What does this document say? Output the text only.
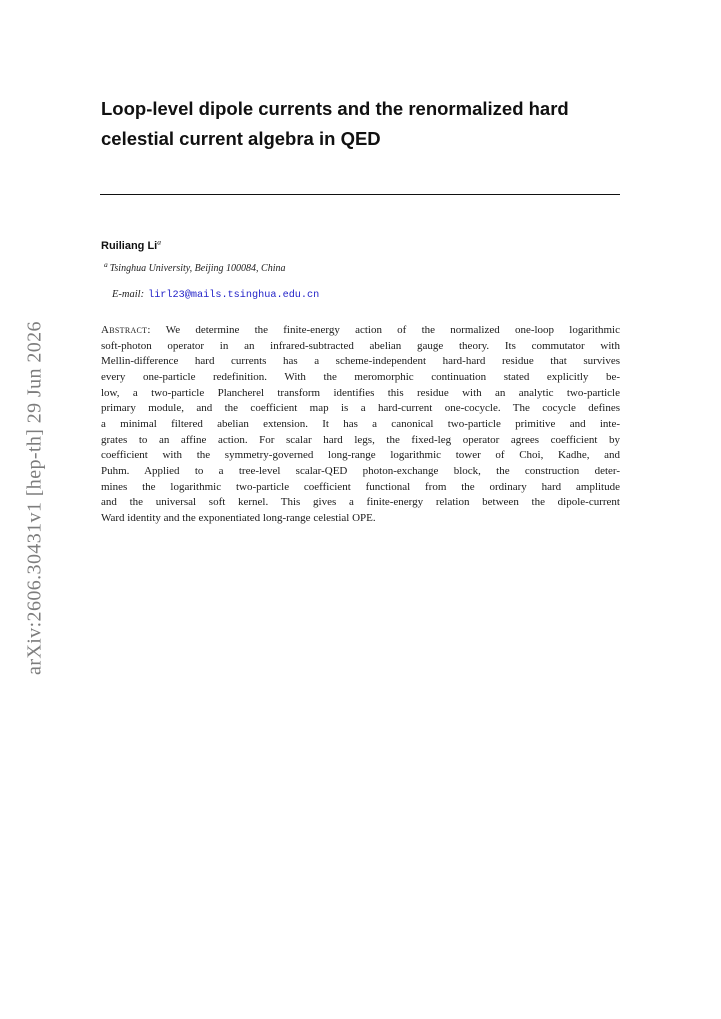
arXiv:2606.30431v1 [hep-th] 29 Jun 2026
Loop-level dipole currents and the renormalized hard
celestial current algebra in QED
Ruiliang Li$^a$
$^a$ Tsinghua University, Beijing 100084, China
E-mail: lirl23@mails.tsinghua.edu.cn
Abstract: We determine the finite-energy action of the normalized one-loop logarithmic
soft-photon operator in an infrared-subtracted abelian gauge theory. Its commutator with
Mellin-difference hard currents has a scheme-independent hard-hard residue that survives
every one-particle redefinition. With the meromorphic continuation stated explicitly be-
low, a two-particle Plancherel transform identifies this residue with an analytic two-particle
primary module, and the coefficient map is a hard-current one-cocycle. The cocycle defines
a minimal filtered abelian extension. It has a canonical two-particle primitive and inte-
grates to an affine action. For scalar hard legs, the fixed-leg operator agrees coefficient by
coefficient with the symmetry-governed long-range logarithmic tower of Choi, Kadhe, and
Puhm. Applied to a tree-level scalar-QED photon-exchange block, the construction deter-
mines the logarithmic two-particle coefficient functional from the ordinary hard amplitude
and the universal soft kernel. This gives a finite-energy relation between the dipole-current
Ward identity and the exponentiated long-range celestial OPE.
